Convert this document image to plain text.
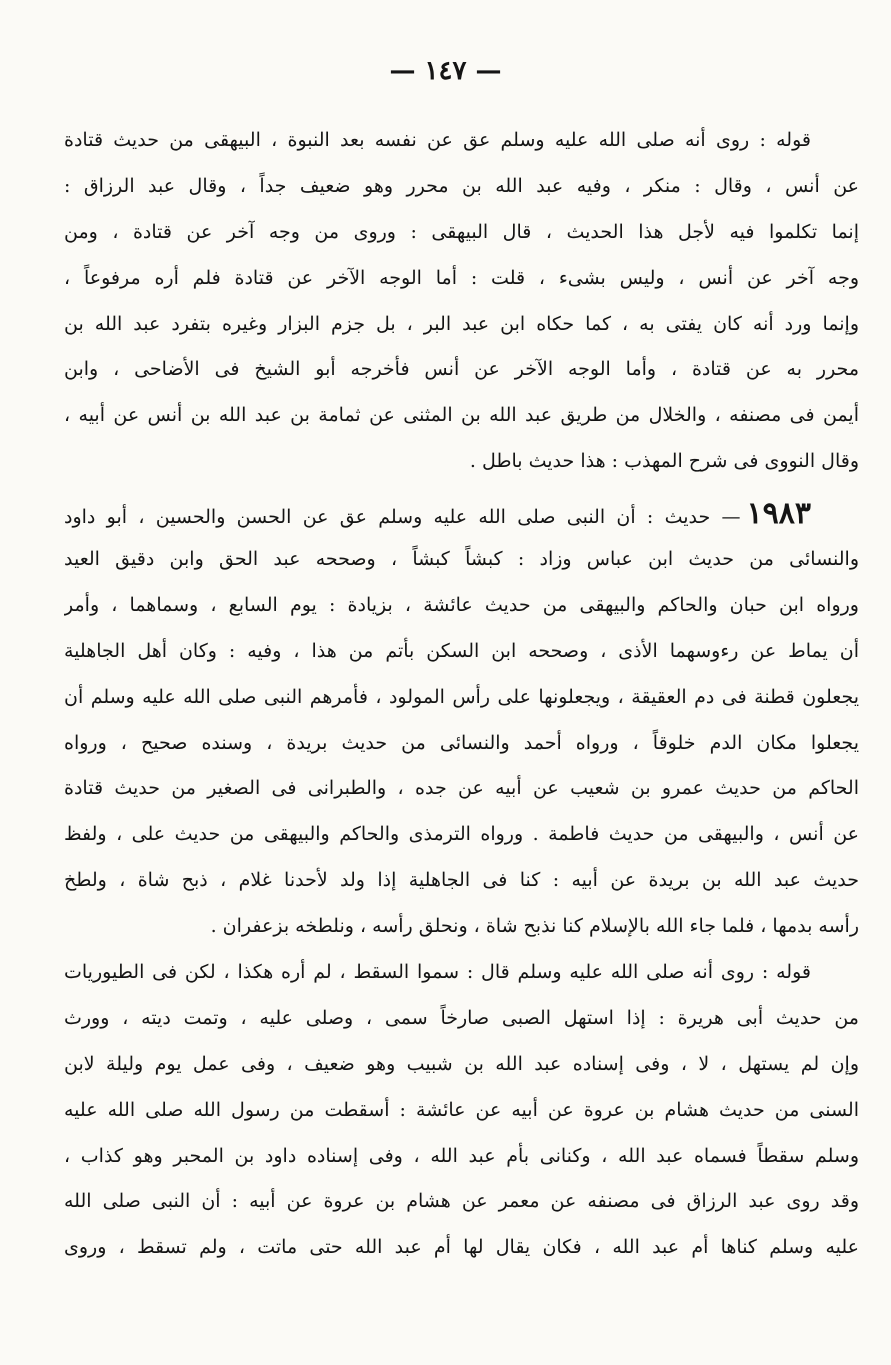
— ١٤٧ —
قوله : روى أنه صلى الله عليه وسلم عق عن نفسه بعد النبوة ، البيهقى من حديث قتادة
عن أنس ، وقال : منكر ، وفيه عبد الله بن محرر وهو ضعيف جداً ، وقال عبد الرزاق :
إنما تكلموا فيه لأجل هذا الحديث ، قال البيهقى : وروى من وجه آخر عن قتادة ، ومن
وجه آخر عن أنس ، وليس بشىء ، قلت : أما الوجه الآخر عن قتادة فلم أره مرفوعاً ،
وإنما ورد أنه كان يفتى به ، كما حكاه ابن عبد البر ، بل جزم البزار وغيره بتفرد عبد الله بن
محرر به عن قتادة ، وأما الوجه الآخر عن أنس فأخرجه أبو الشيخ فى الأضاحى ، وابن
أيمن فى مصنفه ، والخلال من طريق عبد الله بن المثنى عن ثمامة بن عبد الله بن أنس عن أبيه ،
وقال النووى فى شرح المهذب : هذا حديث باطل .
١٩٨٣— حديث : أن النبى صلى الله عليه وسلم عق عن الحسن والحسين ، أبو داود
والنسائى من حديث ابن عباس وزاد : كبشاً كبشاً ، وصححه عبد الحق وابن دقيق العيد
ورواه ابن حبان والحاكم والبيهقى من حديث عائشة ، بزيادة : يوم السابع ، وسماهما ، وأمر
أن يماط عن رءوسهما الأذى ، وصححه ابن السكن بأتم من هذا ، وفيه : وكان أهل الجاهلية
يجعلون قطنة فى دم العقيقة ، ويجعلونها على رأس المولود ، فأمرهم النبى صلى الله عليه وسلم أن
يجعلوا مكان الدم خلوقاً ، ورواه أحمد والنسائى من حديث بريدة ، وسنده صحيح ، ورواه
الحاكم من حديث عمرو بن شعيب عن أبيه عن جده ، والطبرانى فى الصغير من حديث قتادة
عن أنس ، والبيهقى من حديث فاطمة . ورواه الترمذى والحاكم والبيهقى من حديث على ، ولفظ
حديث عبد الله بن بريدة عن أبيه : كنا فى الجاهلية إذا ولد لأحدنا غلام ، ذبح شاة ، ولطخ
رأسه بدمها ، فلما جاء الله بالإسلام كنا نذبح شاة ، ونحلق رأسه ، ونلطخه بزعفران .
قوله : روى أنه صلى الله عليه وسلم قال : سموا السقط ، لم أره هكذا ، لكن فى الطيوريات
من حديث أبى هريرة : إذا استهل الصبى صارخاً سمى ، وصلى عليه ، وتمت ديته ، وورث
وإن لم يستهل ، لا ، وفى إسناده عبد الله بن شبيب وهو ضعيف ، وفى عمل يوم وليلة لابن
السنى من حديث هشام بن عروة عن أبيه عن عائشة : أسقطت من رسول الله صلى الله عليه
وسلم سقطاً فسماه عبد الله ، وكنانى بأم عبد الله ، وفى إسناده داود بن المحبر وهو كذاب ،
وقد روى عبد الرزاق فى مصنفه عن معمر عن هشام بن عروة عن أبيه : أن النبى صلى الله
عليه وسلم كناها أم عبد الله ، فكان يقال لها أم عبد الله حتى ماتت ، ولم تسقط ، وروى
